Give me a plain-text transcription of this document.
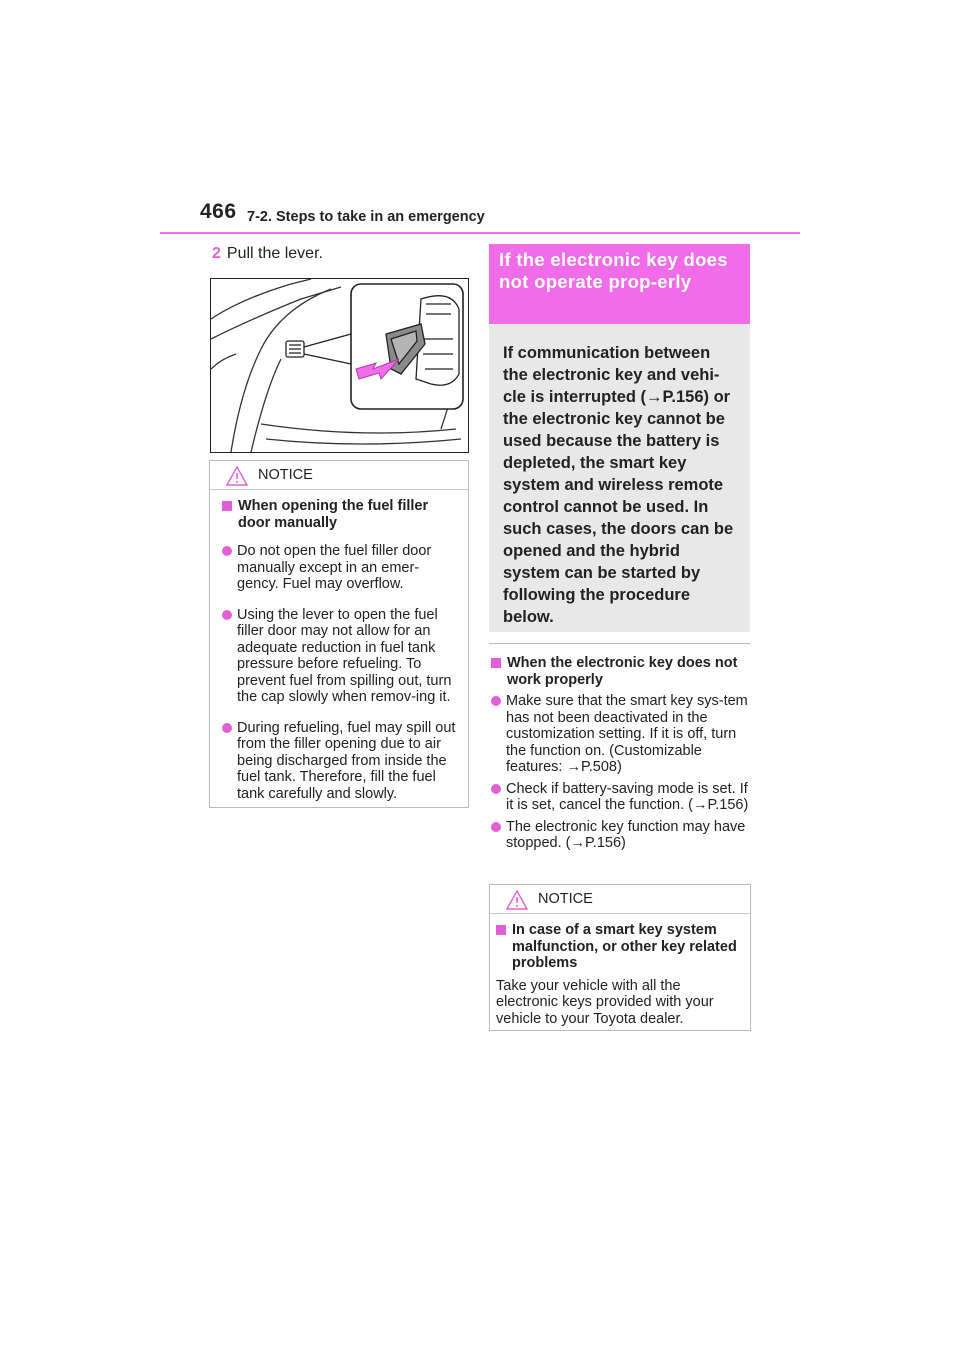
466 7-2. Steps to take in an emergency
2 Pull the lever.
NOTICE
When opening the fuel filler door manually
Do not open the fuel filler door manually except in an emer-gency. Fuel may overflow.
Using the lever to open the fuel filler door may not allow for an adequate reduction in fuel tank pressure before refueling. To prevent fuel from spilling out, turn the cap slowly when remov-ing it.
During refueling, fuel may spill out from the filler opening due to air being discharged from inside the fuel tank. Therefore, fill the fuel tank carefully and slowly.
If the electronic key does not operate prop-erly
If communication between the electronic key and vehi-cle is interrupted (→P.156) or the electronic key cannot be used because the battery is depleted, the smart key system and wireless remote control cannot be used. In such cases, the doors can be opened and the hybrid system can be started by following the procedure below.
When the electronic key does not work properly
Make sure that the smart key sys-tem has not been deactivated in the customization setting. If it is off, turn the function on. (Customizable features: →P.508)
Check if battery-saving mode is set. If it is set, cancel the function. (→P.156)
The electronic key function may have stopped. (→P.156)
NOTICE
In case of a smart key system malfunction, or other key related problems
Take your vehicle with all the electronic keys provided with your vehicle to your Toyota dealer.
